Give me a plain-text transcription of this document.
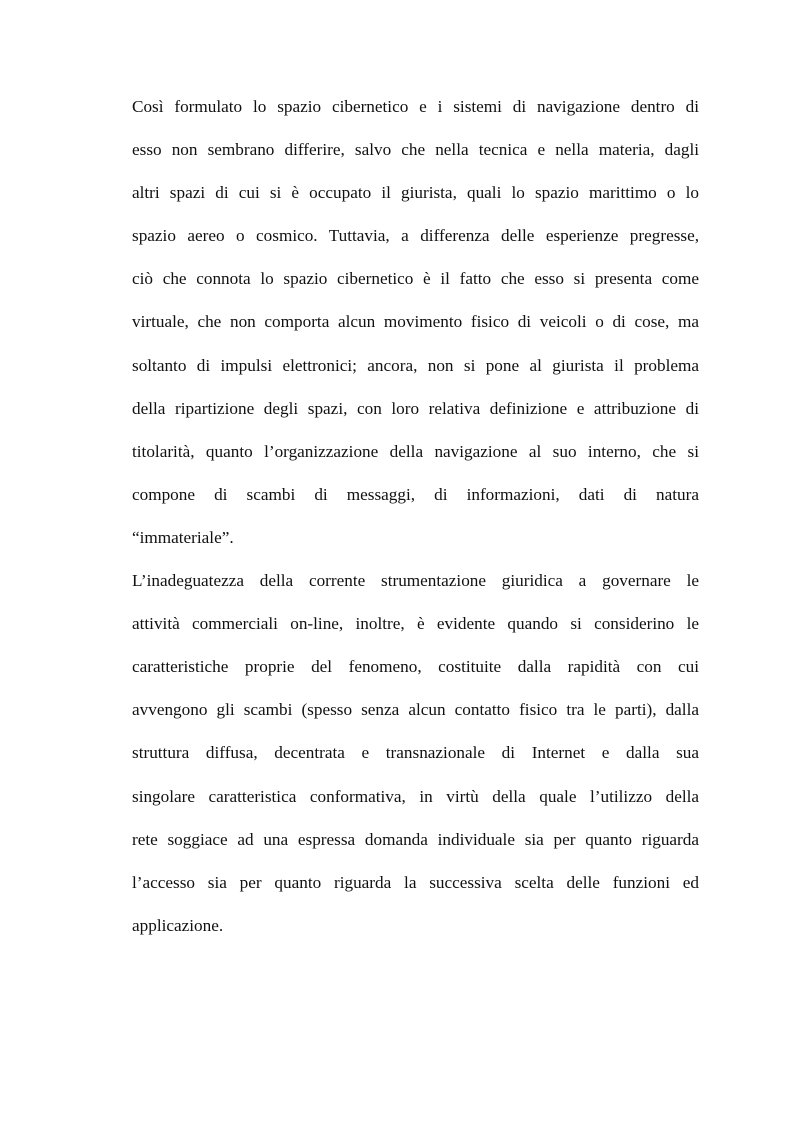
Così formulato lo spazio cibernetico e i sistemi di navigazione dentro di
esso non sembrano differire, salvo che nella tecnica e nella materia, dagli
altri spazi di cui si è occupato il giurista, quali lo spazio marittimo o lo
spazio aereo o cosmico. Tuttavia, a differenza delle esperienze pregresse,
ciò che connota lo spazio cibernetico è il fatto che esso si presenta come
virtuale, che non comporta alcun movimento fisico di veicoli o di cose, ma
soltanto di impulsi elettronici; ancora, non si pone al giurista il problema
della ripartizione degli spazi, con loro relativa definizione e attribuzione di
titolarità, quanto l’organizzazione della navigazione al suo interno, che si
compone di scambi di messaggi, di informazioni, dati di natura
“immateriale”.
L’inadeguatezza della corrente strumentazione giuridica a governare le
attività commerciali on-line, inoltre, è evidente quando si considerino le
caratteristiche proprie del fenomeno, costituite dalla rapidità con cui
avvengono gli scambi (spesso senza alcun contatto fisico tra le parti), dalla
struttura diffusa, decentrata e transnazionale di Internet e dalla sua
singolare caratteristica conformativa, in virtù della quale l’utilizzo della
rete soggiace ad una espressa domanda individuale sia per quanto riguarda
l’accesso sia per quanto riguarda la successiva scelta delle funzioni ed
applicazione.
